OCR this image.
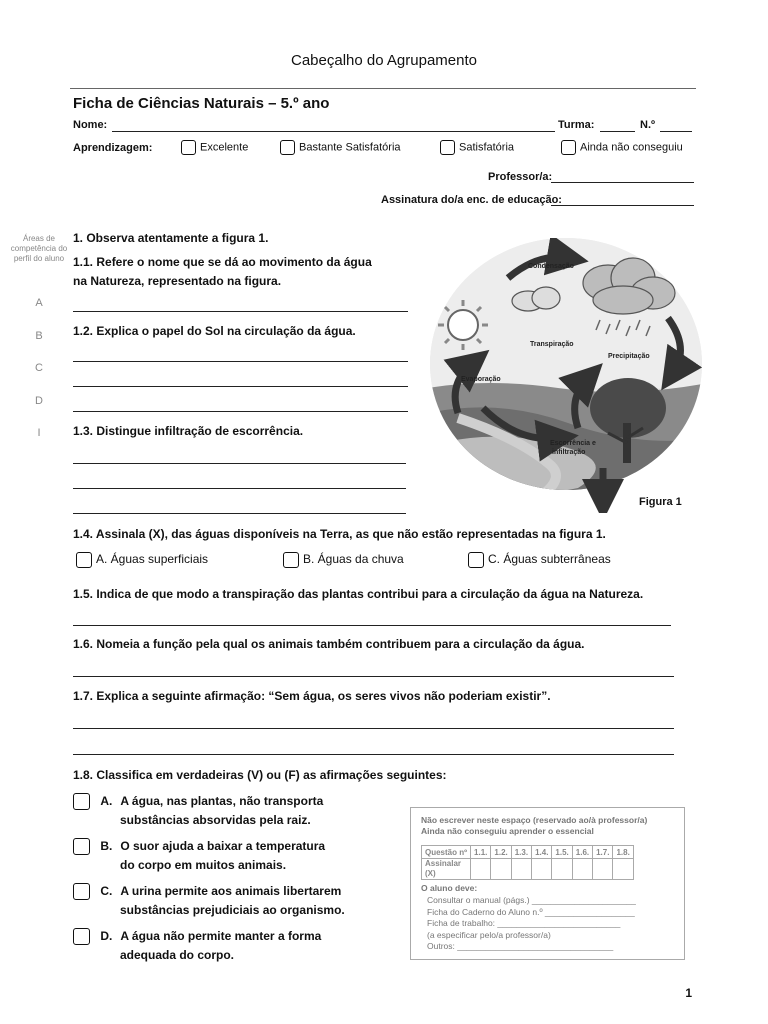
Cabeçalho do Agrupamento
Ficha de Ciências Naturais – 5.º ano
Nome:	Turma:	N.º
Aprendizagem:	Excelente	Bastante Satisfatória	Satisfatória	Ainda não conseguiu
Professor/a:
Assinatura do/a enc. de educação:
Áreas de competência do perfil do aluno
A
B
C
D
I
1. Observa atentamente a figura 1.
1.1. Refere o nome que se dá ao movimento da água
na Natureza, representado na figura.
1.2. Explica o papel do Sol na circulação da água.
1.3. Distingue infiltração de escorrência.
Condensação
Transpiração
Precipitação
Evaporação
Escorrência e
infiltração
Figura 1
1.4. Assinala (X), das águas disponíveis na Terra, as que não estão representadas na figura 1.
A. Águas superficiais	B. Águas da chuva	C. Águas subterrâneas
1.5. Indica de que modo a transpiração das plantas contribui para a circulação da água na Natureza.
1.6. Nomeia a função pela qual os animais também contribuem para a circulação da água.
1.7. Explica a seguinte afirmação: “Sem água, os seres vivos não poderiam existir”.
1.8. Classifica em verdadeiras (V) ou (F) as afirmações seguintes:
A. A água, nas plantas, não transporta
substâncias absorvidas pela raiz.
B. O suor ajuda a baixar a temperatura
do corpo em muitos animais.
C. A urina permite aos animais libertarem
substâncias prejudiciais ao organismo.
D. A água não permite manter a forma
adequada do corpo.
Não escrever neste espaço (reservado ao/à professor/a)
Ainda não conseguiu aprender o essencial
Questão nº	1.1.	1.2.	1.3.	1.4.	1.5.	1.6.	1.7.	1.8.
Assinalar
(X)								
O aluno deve:
Consultar o manual (págs.) ______________________
Ficha do Caderno do Aluno n.º ___________________
Ficha de trabalho: __________________________
(a especificar pelo/a professor/a)
Outros: _________________________________
1
